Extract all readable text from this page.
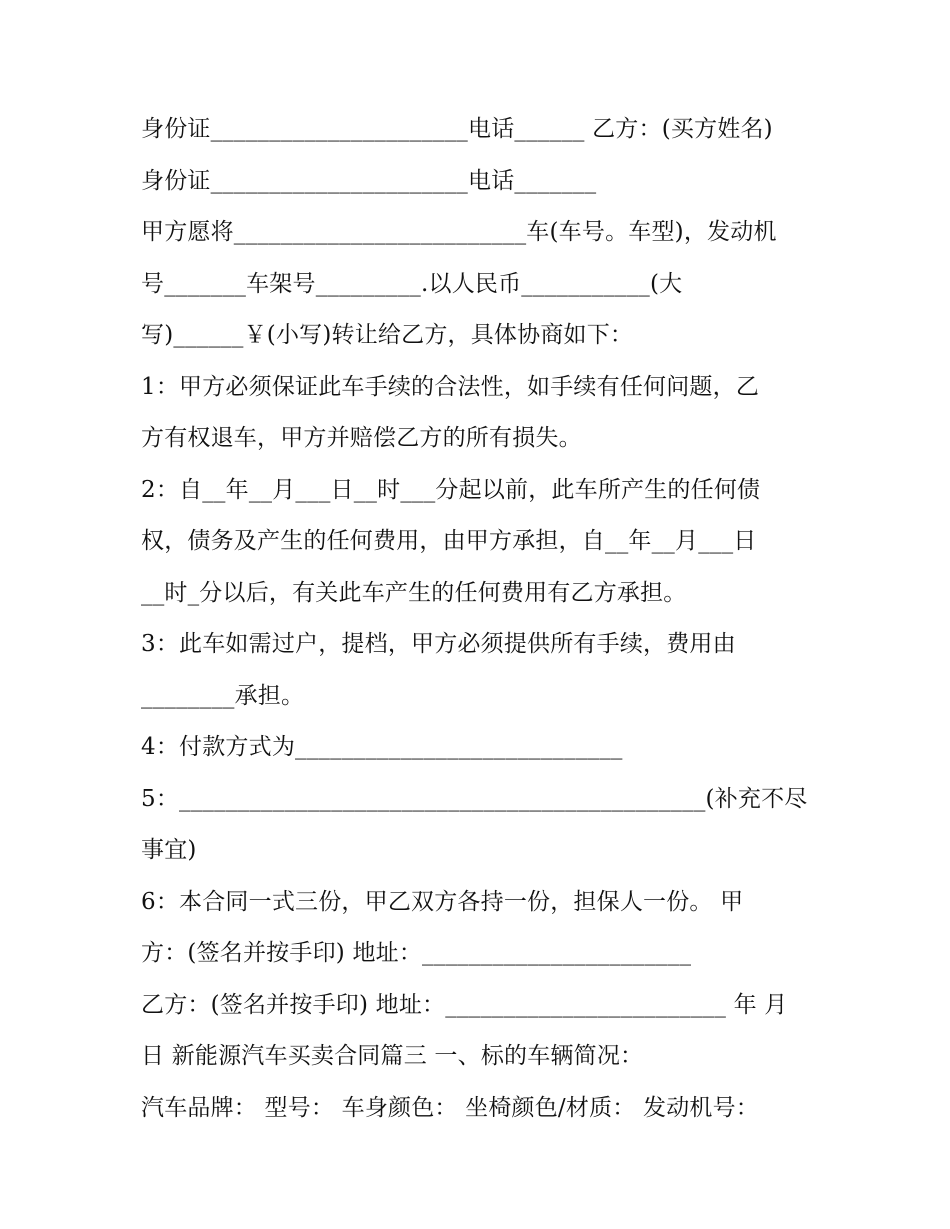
身份证______________________电话______ 乙方：(买方姓名)
身份证______________________电话_______
甲方愿将_________________________车(车号。车型)，发动机
号_______车架号_________.以人民币___________(大
写)______￥(小写)转让给乙方，具体协商如下：
1：甲方必须保证此车手续的合法性，如手续有任何问题，乙
方有权退车，甲方并赔偿乙方的所有损失。
2：自__年__月___日__时___分起以前，此车所产生的任何债
权，债务及产生的任何费用，由甲方承担，自__年__月___日
__时_分以后，有关此车产生的任何费用有乙方承担。
3：此车如需过户，提档，甲方必须提供所有手续，费用由
________承担。
4：付款方式为____________________________
5：_____________________________________________(补充不尽
事宜)
6：本合同一式三份，甲乙双方各持一份，担保人一份。 甲
方：(签名并按手印) 地址：_______________________
乙方：(签名并按手印) 地址：________________________ 年 月
日 新能源汽车买卖合同篇三 一、标的车辆简况：
汽车品牌： 型号： 车身颜色： 坐椅颜色/材质： 发动机号：
